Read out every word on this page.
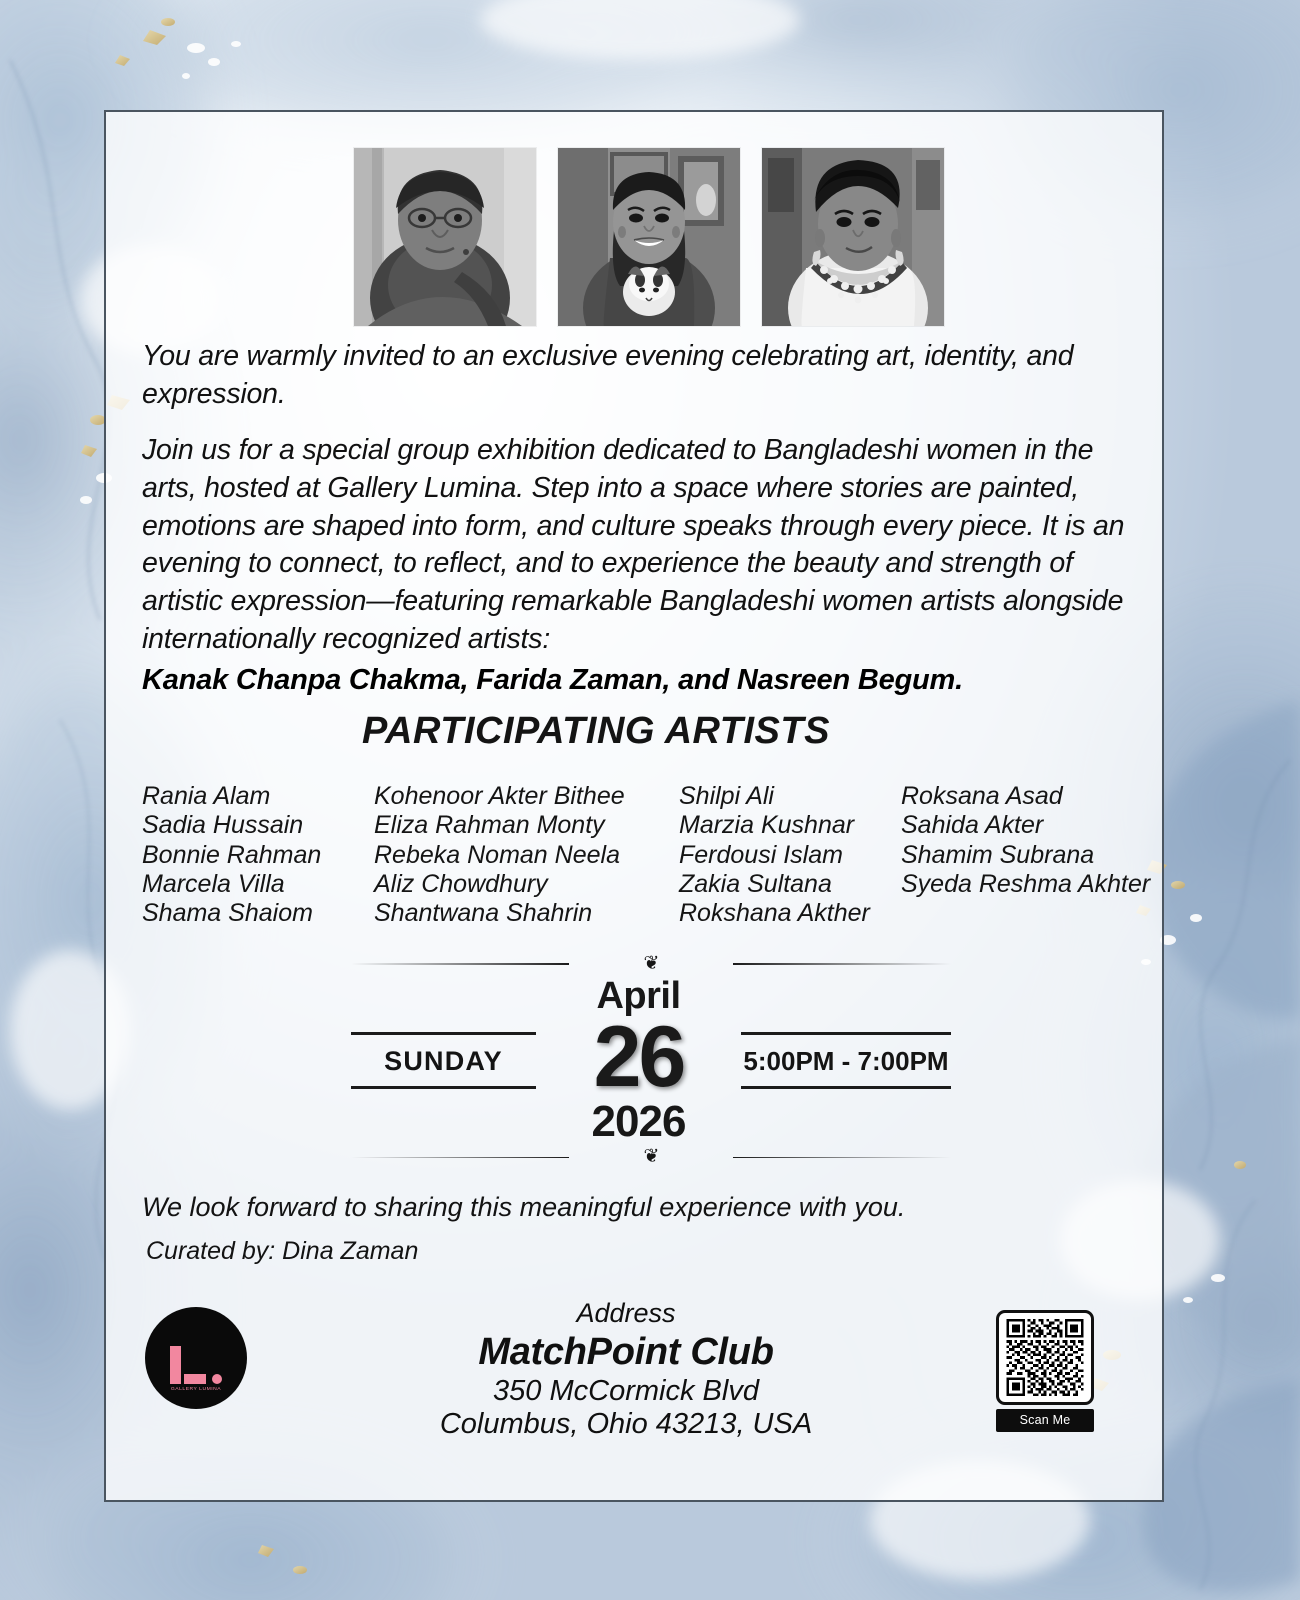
You are warmly invited to an exclusive evening celebrating art, identity, and expression.

Join us for a special group exhibition dedicated to Bangladeshi women in the arts, hosted at Gallery Lumina. Step into a space where stories are painted, emotions are shaped into form, and culture speaks through every piece. It is an evening to connect, to reflect, and to experience the beauty and strength of artistic expression—featuring remarkable Bangladeshi women artists alongside internationally recognized artists:
Kanak Chanpa Chakma, Farida Zaman, and Nasreen Begum.

PARTICIPATING ARTISTS
Rania Alam
Sadia Hussain
Bonnie Rahman
Marcela Villa
Shama Shaiom
Kohenoor Akter Bithee
Eliza Rahman Monty
Rebeka Noman Neela
Aliz Chowdhury
Shantwana Shahrin
Shilpi Ali
Marzia Kushnar
Ferdousi Islam
Zakia Sultana
Rokshana Akther
Roksana Asad
Sahida Akter
Shamim Subrana
Syeda Reshma Akhter
❦
SUNDAY
April
26
2026
5:00PM - 7:00PM
❦
We look forward to sharing this meaningful experience with you.
Curated by: Dina Zaman
GALLERY LUMINA
Address
MatchPoint Club
350 McCormick Blvd
Columbus, Ohio 43213, USA	Scan Me
